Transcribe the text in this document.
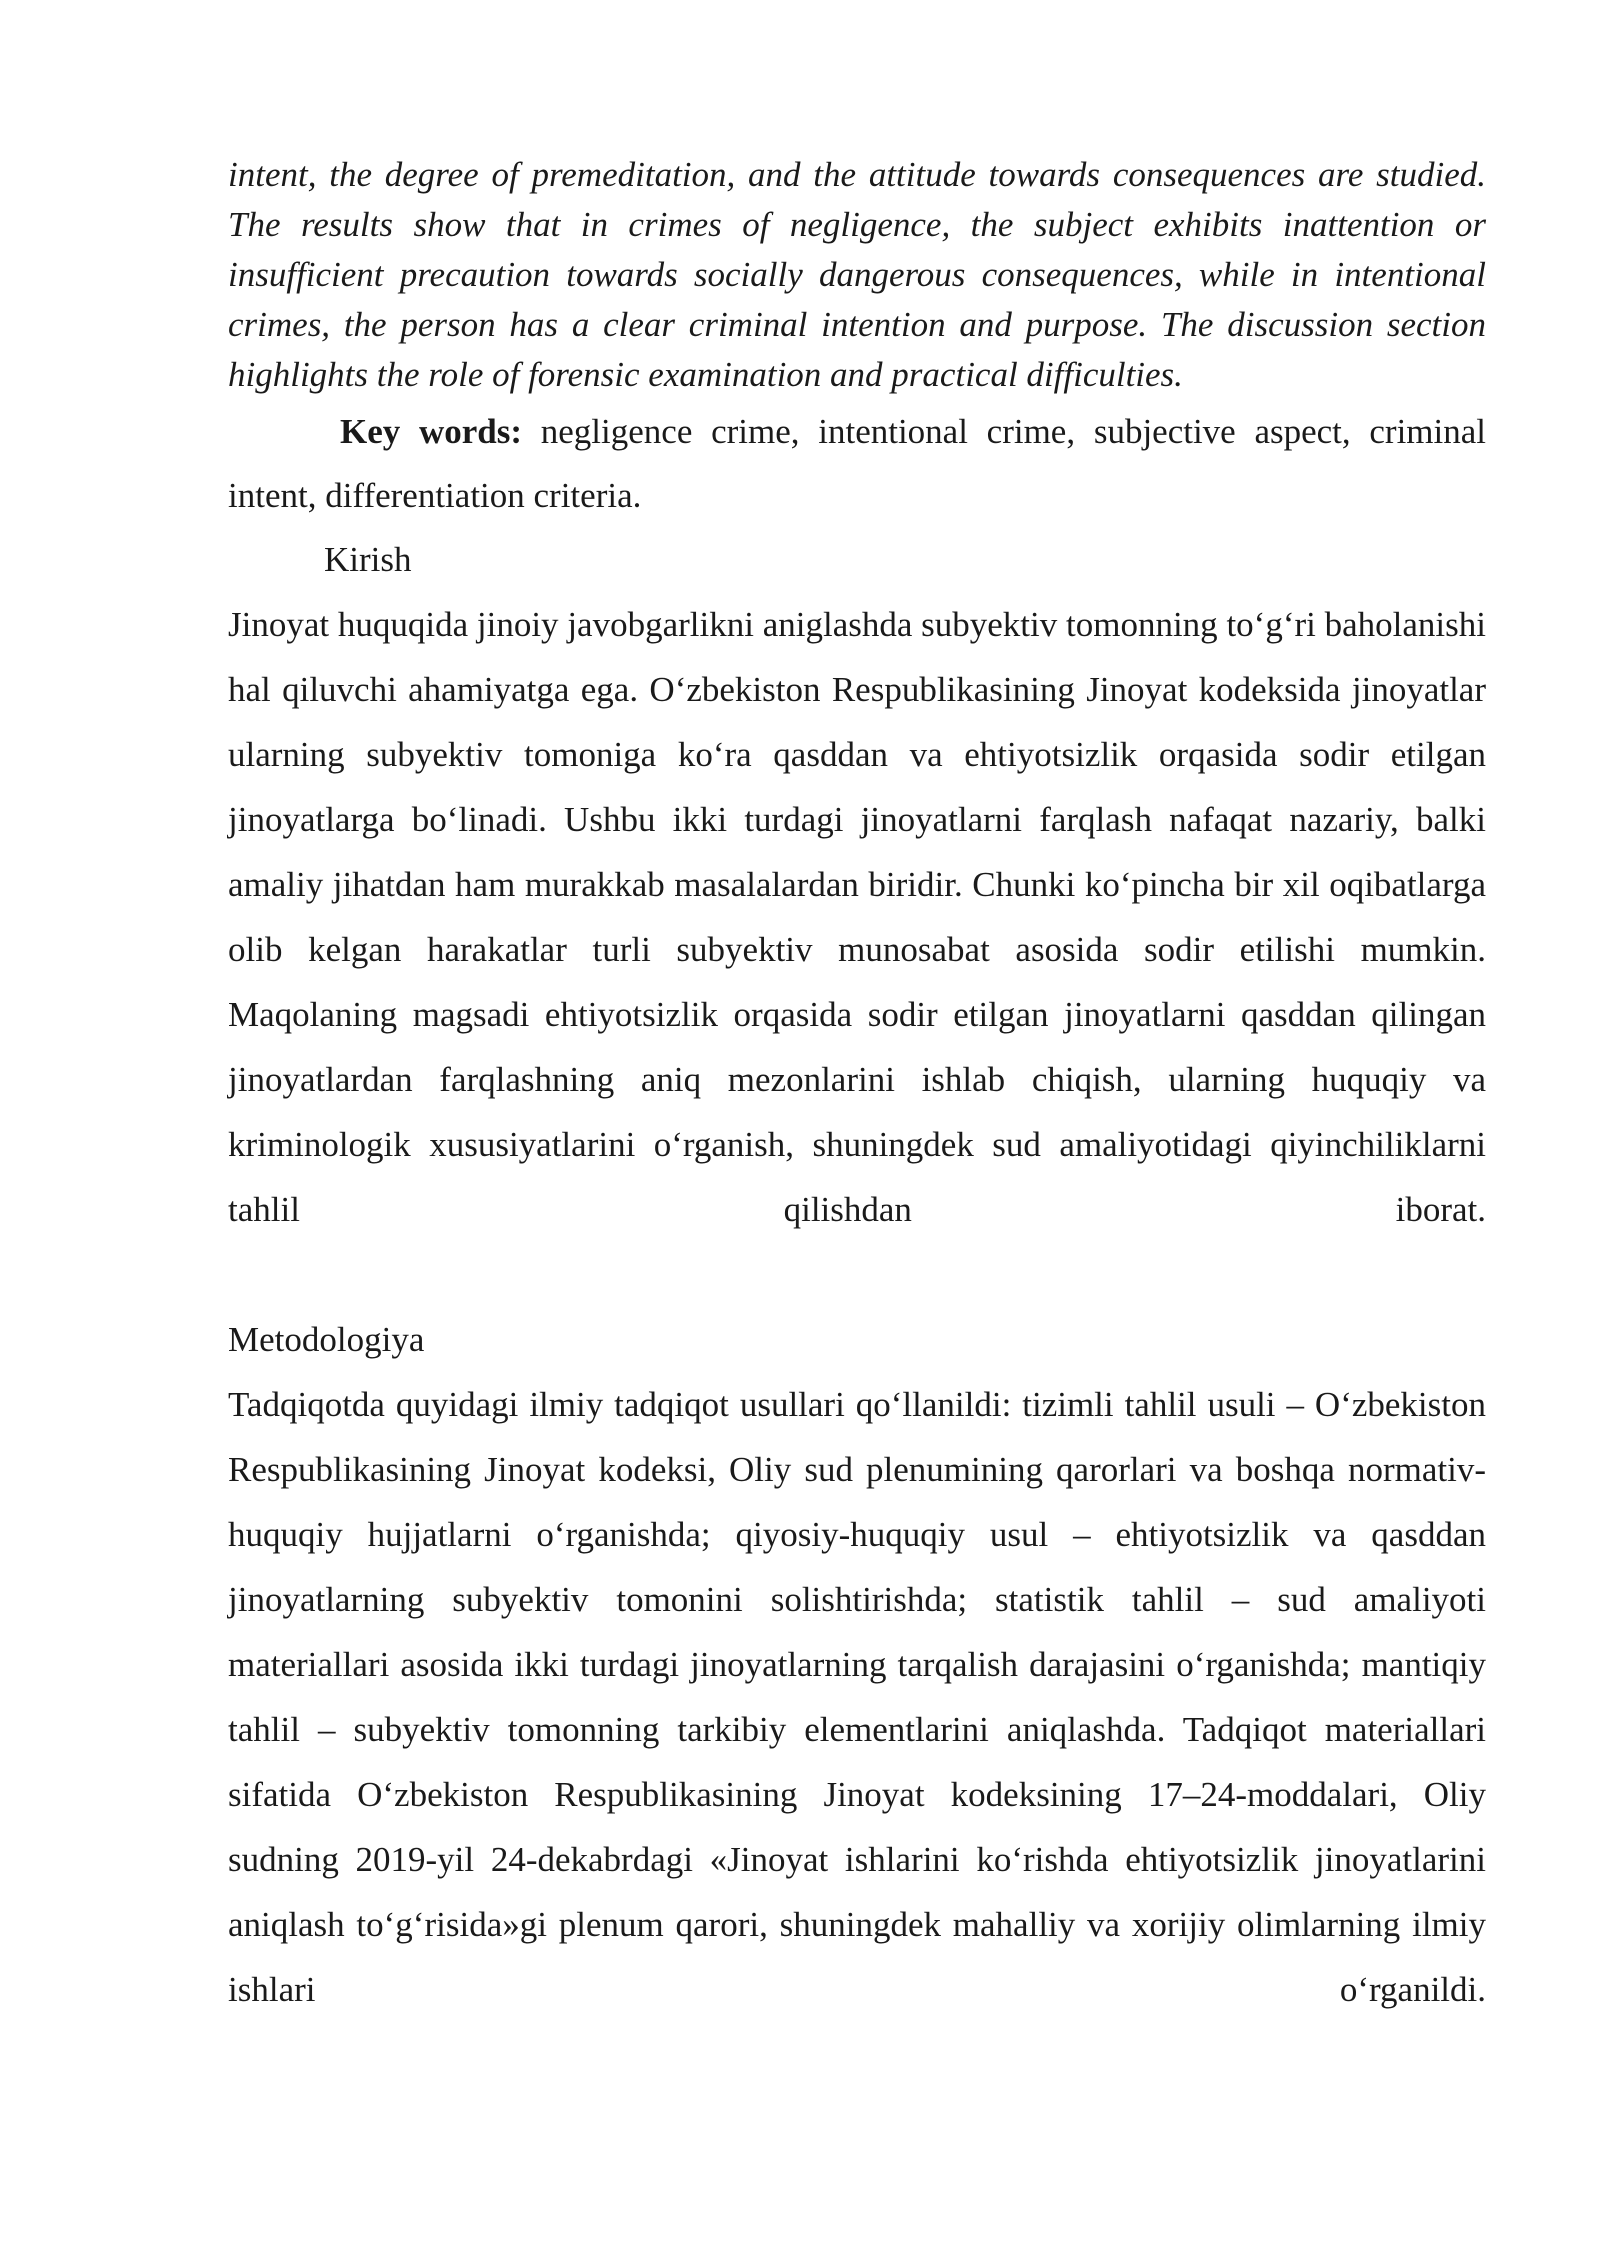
intent, the degree of premeditation, and the attitude towards consequences are studied. The results show that in crimes of negligence, the subject exhibits inattention or insufficient precaution towards socially dangerous consequences, while in intentional crimes, the person has a clear criminal intention and purpose. The discussion section highlights the role of forensic examination and practical difficulties.

Key words: negligence crime, intentional crime, subjective aspect, criminal intent, differentiation criteria.

Kirish

Jinoyat huquqida jinoiy javobgarlikni aniglashda subyektiv tomonning to‘g‘ri baholanishi hal qiluvchi ahamiyatga ega. O‘zbekiston Respublikasining Jinoyat kodeksida jinoyatlar ularning subyektiv tomoniga ko‘ra qasddan va ehtiyotsizlik orqasida sodir etilgan jinoyatlarga bo‘linadi. Ushbu ikki turdagi jinoyatlarni farqlash nafaqat nazariy, balki amaliy jihatdan ham murakkab masalalardan biridir. Chunki ko‘pincha bir xil oqibatlarga olib kelgan harakatlar turli subyektiv munosabat asosida sodir etilishi mumkin. Maqolaning magsadi ehtiyotsizlik orqasida sodir etilgan jinoyatlarni qasddan qilingan jinoyatlardan farqlashning aniq mezonlarini ishlab chiqish, ularning huquqiy va kriminologik xususiyatlarini o‘rganish, shuningdek sud amaliyotidagi qiyinchiliklarni tahlil qilishdan iborat.

Metodologiya

Tadqiqotda quyidagi ilmiy tadqiqot usullari qo‘llanildi: tizimli tahlil usuli – O‘zbekiston Respublikasining Jinoyat kodeksi, Oliy sud plenumining qarorlari va boshqa normativ-huquqiy hujjatlarni o‘rganishda; qiyosiy-huquqiy usul – ehtiyotsizlik va qasddan jinoyatlarning subyektiv tomonini solishtirishda; statistik tahlil – sud amaliyoti materiallari asosida ikki turdagi jinoyatlarning tarqalish darajasini o‘rganishda; mantiqiy tahlil – subyektiv tomonning tarkibiy elementlarini aniqlashda. Tadqiqot materiallari sifatida O‘zbekiston Respublikasining Jinoyat kodeksining 17–24-moddalari, Oliy sudning 2019-yil 24-dekabrdagi «Jinoyat ishlarini ko‘rishda ehtiyotsizlik jinoyatlarini aniqlash to‘g‘risida»gi plenum qarori, shuningdek mahalliy va xorijiy olimlarning ilmiy ishlari o‘rganildi.
